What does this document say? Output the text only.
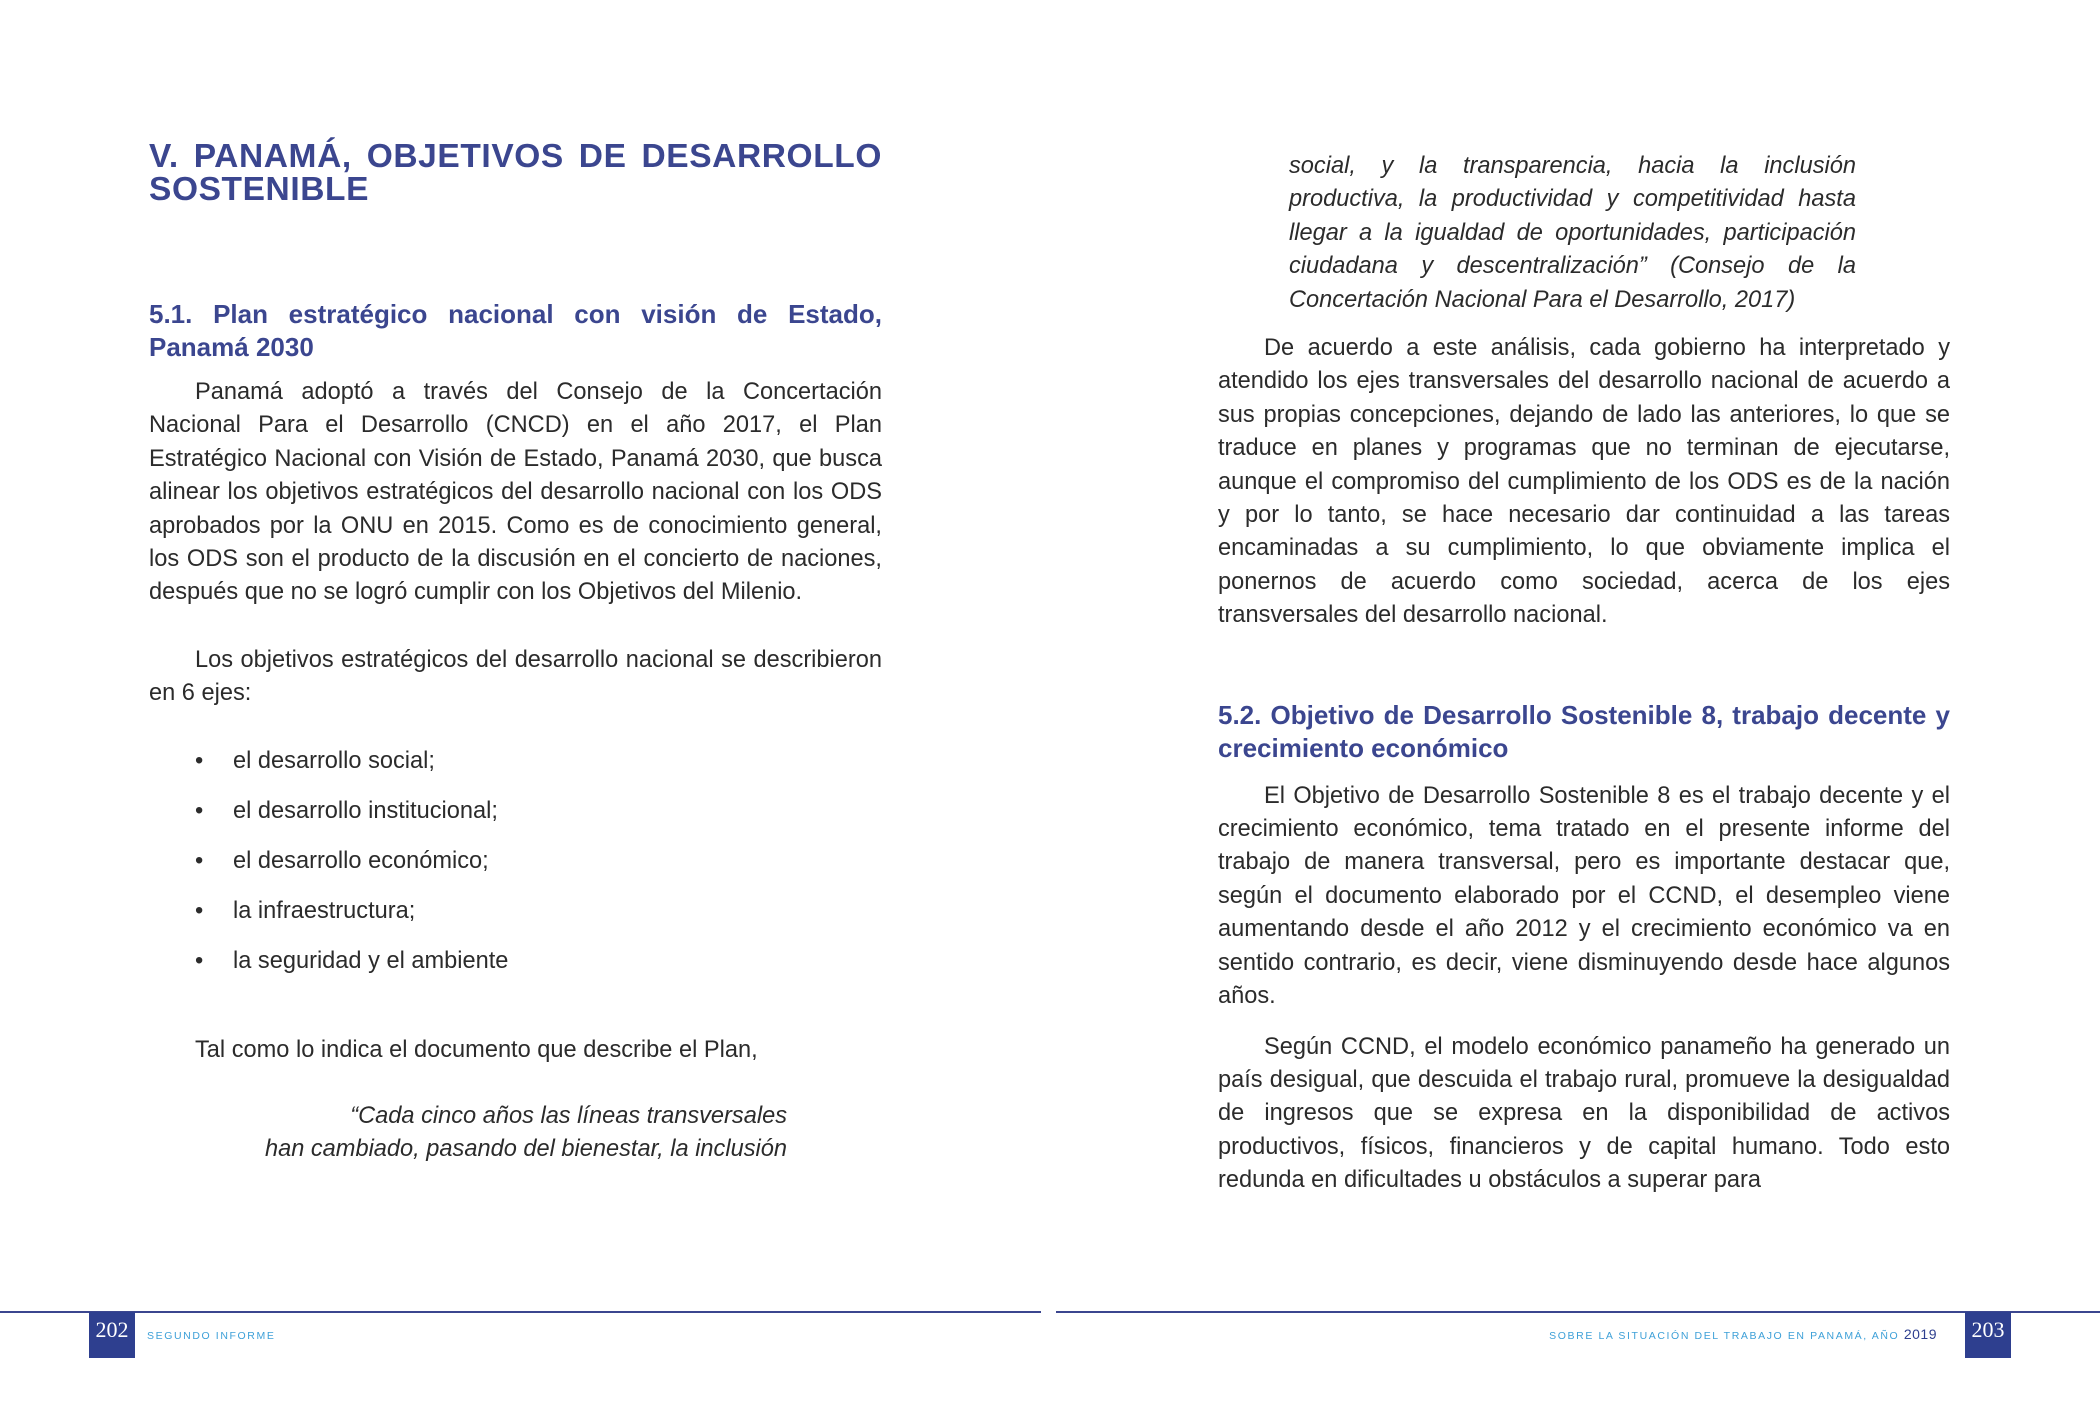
V. PANAMÁ, OBJETIVOS DE DESARROLLO SOSTENIBLE
5.1. Plan estratégico nacional con visión de Estado, Panamá 2030

Panamá adoptó a través del Consejo de la Concertación Nacional Para el Desarrollo (CNCD) en el año 2017, el Plan Estratégico Nacional con Visión de Estado, Panamá 2030, que busca alinear los objetivos estratégicos del desarrollo nacional con los ODS aprobados por la ONU en 2015. Como es de conocimiento general, los ODS son el producto de la discusión en el concierto de naciones, después que no se logró cumplir con los Objetivos del Milenio.

Los objetivos estratégicos del desarrollo nacional se describieron en 6 ejes:

• el desarrollo social;
• el desarrollo institucional;
• el desarrollo económico;
• la infraestructura;
• la seguridad y el ambiente

Tal como lo indica el documento que describe el Plan,

“Cada cinco años las líneas transversales

han cambiado, pasando del bienestar, la inclusión

social, y la transparencia, hacia la inclusión productiva, la productividad y competitividad hasta llegar a la igualdad de oportunidades, participación ciudadana y descentralización” (Consejo de la Concertación Nacional Para el Desarrollo, 2017)

De acuerdo a este análisis, cada gobierno ha interpretado y atendido los ejes transversales del desarrollo nacional de acuerdo a sus propias concepciones, dejando de lado las anteriores, lo que se traduce en planes y programas que no terminan de ejecutarse, aunque el compromiso del cumplimiento de los ODS es de la nación y por lo tanto, se hace necesario dar continuidad a las tareas encaminadas a su cumplimiento, lo que obviamente implica el ponernos de acuerdo como sociedad, acerca de los ejes transversales del desarrollo nacional.

5.2. Objetivo de Desarrollo Sostenible 8, trabajo decente y crecimiento económico

El Objetivo de Desarrollo Sostenible 8 es el trabajo decente y el crecimiento económico, tema tratado en el presente informe del trabajo de manera transversal, pero es importante destacar que, según el documento elaborado por el CCND, el desempleo viene aumentando desde el año 2012 y el crecimiento económico va en sentido contrario, es decir, viene disminuyendo desde hace algunos años.

Según CCND, el modelo económico panameño ha generado un país desigual, que descuida el trabajo rural, promueve la desigualdad de ingresos que se expresa en la disponibilidad de activos productivos, físicos, financieros y de capital humano. Todo esto redunda en dificultades u obstáculos a superar para

202	SEGUNDO INFORME	SOBRE LA SITUACIÓN DEL TRABAJO EN PANAMÁ, AÑO 2019 203
